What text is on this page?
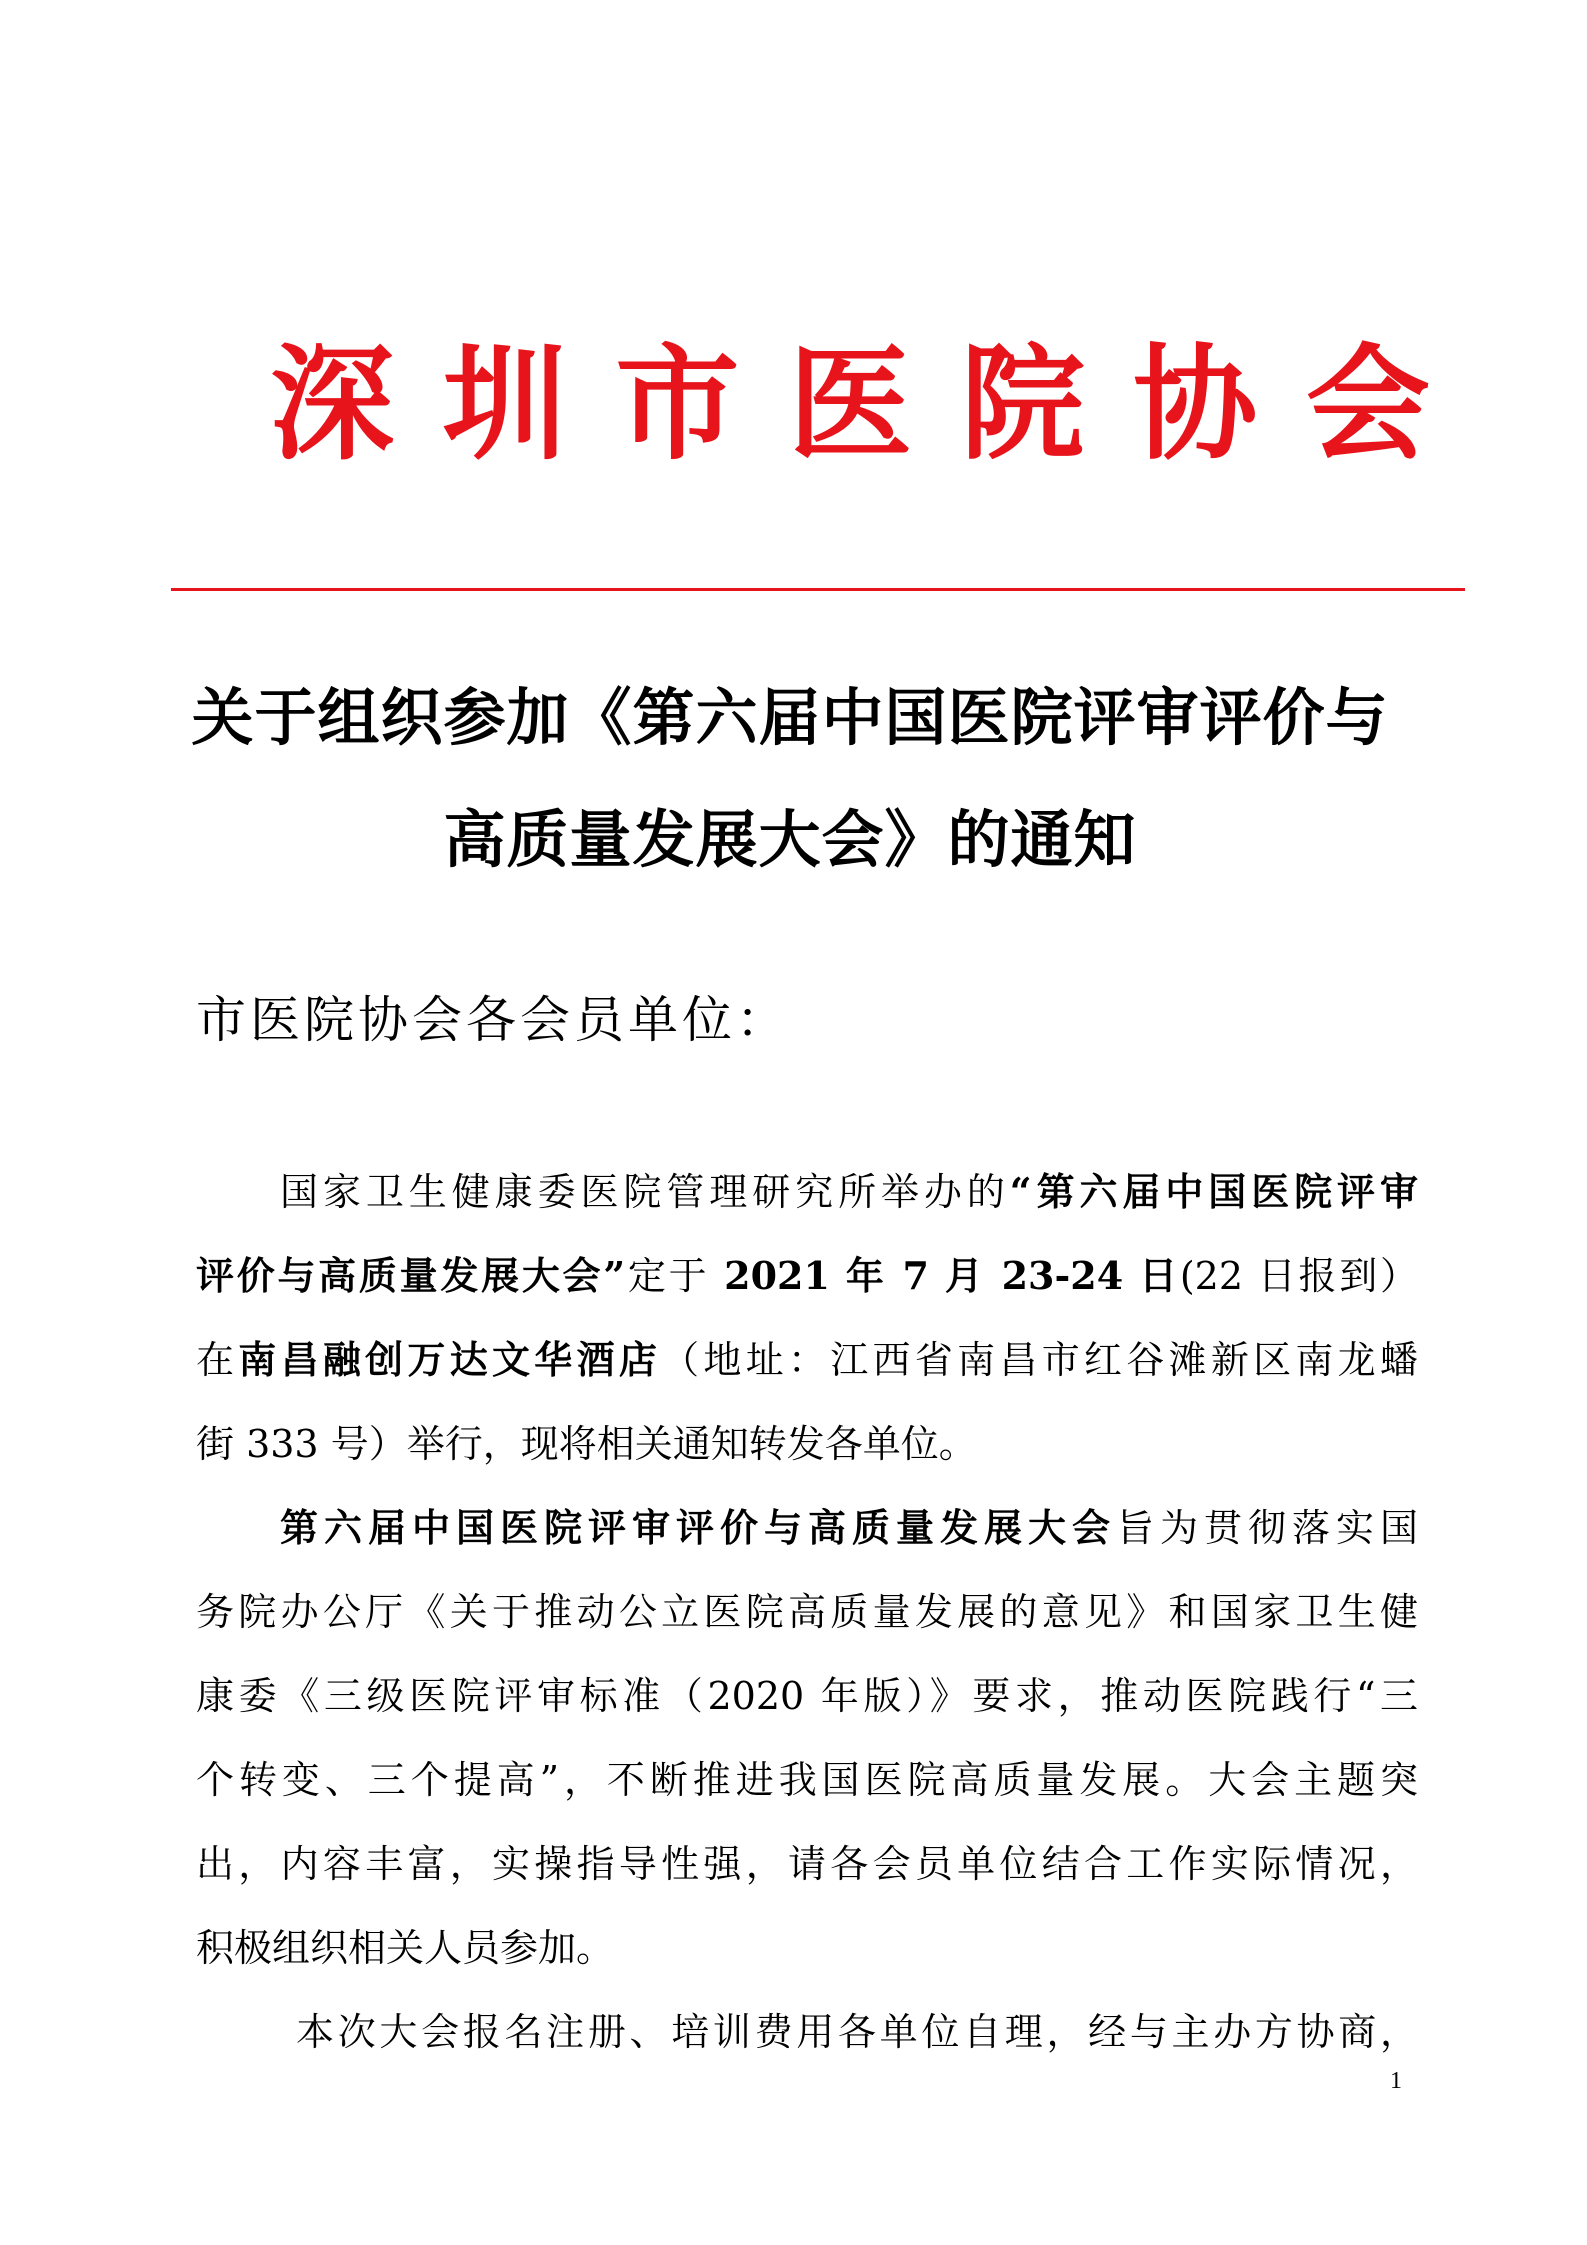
深 圳 市 医 院 协 会
关于组织参加《第六届中国医院评审评价与
高质量发展大会》的通知
市医院协会各会员单位：
国家卫生健康委医院管理研究所举办的“第六届中国医院评审
评价与高质量发展大会”定于 2021 年 7 月 23-24 日(22 日报到）
在南昌融创万达文华酒店（地址：江西省南昌市红谷滩新区南龙蟠
街 333 号）举行，现将相关通知转发各单位。
第六届中国医院评审评价与高质量发展大会旨为贯彻落实国
务院办公厅《关于推动公立医院高质量发展的意见》和国家卫生健
康委《三级医院评审标准（2020 年版）》要求，推动医院践行“三
个转变、三个提高”，不断推进我国医院高质量发展。大会主题突
出，内容丰富，实操指导性强，请各会员单位结合工作实际情况，
积极组织相关人员参加。
本次大会报名注册、培训费用各单位自理，经与主办方协商，
1
